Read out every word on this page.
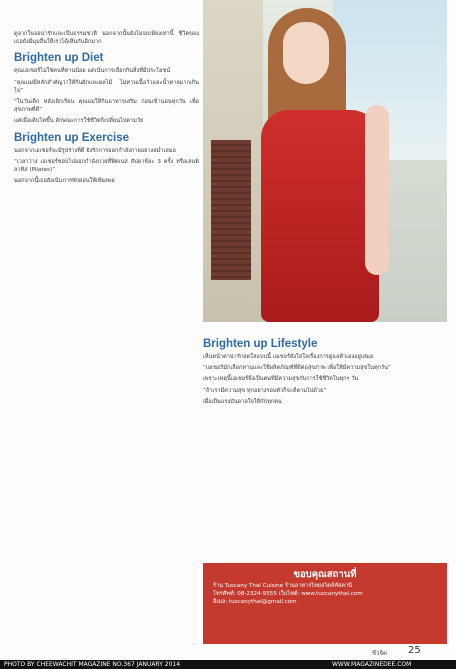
ดูจากในจอน่ารักและเป็นธรรมชาติ นอกจากนั้นยังไม่จบเพียงเท่านี้ ชีวิตของเธอยังมีมุมอื่นให้เราได้เห็นกันอีกมาก

Brighten up Diet

คุณเอเชอร์ไม่ใช่คนที่ทานน้อย แต่เน้นการเลือกกินสิ่งที่มีประโยชน์

“คุณแม่มีหลักสำคัญว่าให้กินผักและผลไม้ ไม่ทานเนื้อวัวและน้ำตาลมากเกินไป”

“ในวันเด็ก หลังเลิกเรียน คุณแม่ให้กินอาหารเสริม ก่อนเข้านอนทุกวัน เพื่อสุขภาพที่ดี”

แต่เมื่อเติบโตขึ้น ลักษณะการใช้ชีวิตก็เปลี่ยนไปตามวัย

Brighten up Exercise

นอกจากเอเชอร์จะมีรูปร่างที่ดี ยังรักการออกกำลังกายอย่างสม่ำเสมอ

“เวลาว่าง เอเชอร์ชอบไปออกกำลังกายที่ฟิตเนส สัปดาห์ละ 3 ครั้ง หรือเล่นพิลาทิส (Pilates)”

นอกจากนี้เธอยังเน้นการพักผ่อนให้เพียงพอ

Brighten up Lifestyle

เห็นหน้าตาน่ารักสดใสแบบนี้ เอเชอร์ยังใส่ใจเรื่องการดูแลตัวเองอยู่เสมอ

“เอเชอร์มักเลือกทานและใช้ผลิตภัณฑ์ที่ดีต่อสุขภาพ เพื่อให้มีความสุขในทุกวัน”

เพราะเหตุนี้เอเชอร์จึงเป็นคนที่มีความสุขกับการใช้ชีวิตในทุกๆ วัน

“ถ้าเรามีความสุข ทุกอย่างรอบตัวก็จะดีตามไปด้วย”

เผื่อเป็นแรงบันดาลใจให้กับทุกคน

ขอบคุณสถานที่
ร้าน Tuscany Thai Cuisine ร้านอาหารไทยสไตล์ทัสคานี
โทรศัพท์: 08-2324-9555 เว็บไซต์: www.tuscanythai.com
อีเมล: tuscanythai@gmail.com
ชีวจิต 25
PHOTO BY CHEEWACHIT MAGAZINE NO.367 JANUARY 2014	WWW.MAGAZINEDEE.COM
